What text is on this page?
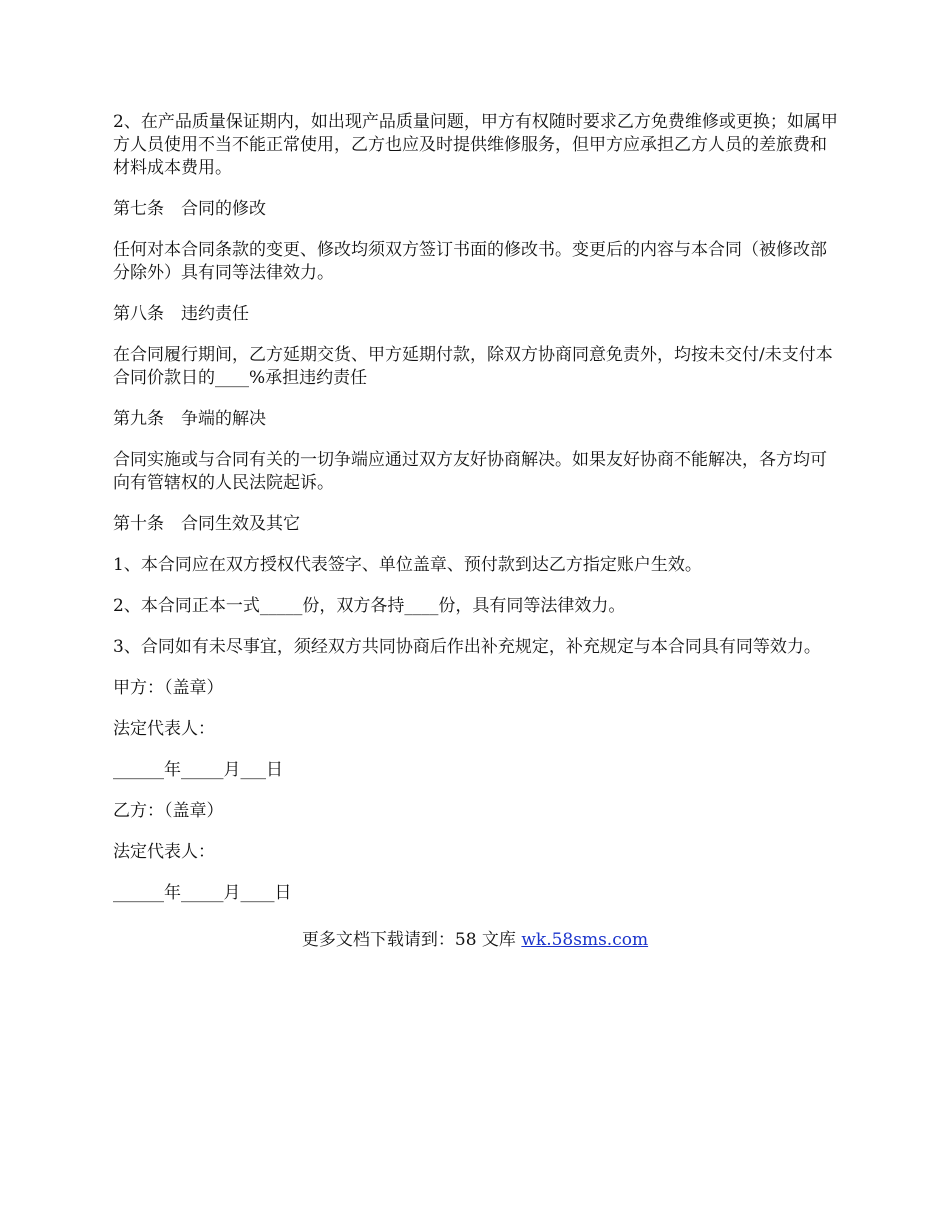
2、在产品质量保证期内，如出现产品质量问题，甲方有权随时要求乙方免费维修或更换；如属甲方人员使用不当不能正常使用，乙方也应及时提供维修服务，但甲方应承担乙方人员的差旅费和材料成本费用。

第七条　合同的修改

任何对本合同条款的变更、修改均须双方签订书面的修改书。变更后的内容与本合同（被修改部分除外）具有同等法律效力。

第八条　违约责任

在合同履行期间，乙方延期交货、甲方延期付款，除双方协商同意免责外，均按未交付/未支付本合同价款日的____%承担违约责任

第九条　争端的解决

合同实施或与合同有关的一切争端应通过双方友好协商解决。如果友好协商不能解决，各方均可向有管辖权的人民法院起诉。

第十条　合同生效及其它

1、本合同应在双方授权代表签字、单位盖章、预付款到达乙方指定账户生效。

2、本合同正本一式_____份，双方各持____份，具有同等法律效力。

3、合同如有未尽事宜，须经双方共同协商后作出补充规定，补充规定与本合同具有同等效力。

甲方：（盖章）

法定代表人：

______年_____月___日

乙方：（盖章）

法定代表人：

______年_____月____日

更多文档下载请到：58 文库 wk.58sms.com
